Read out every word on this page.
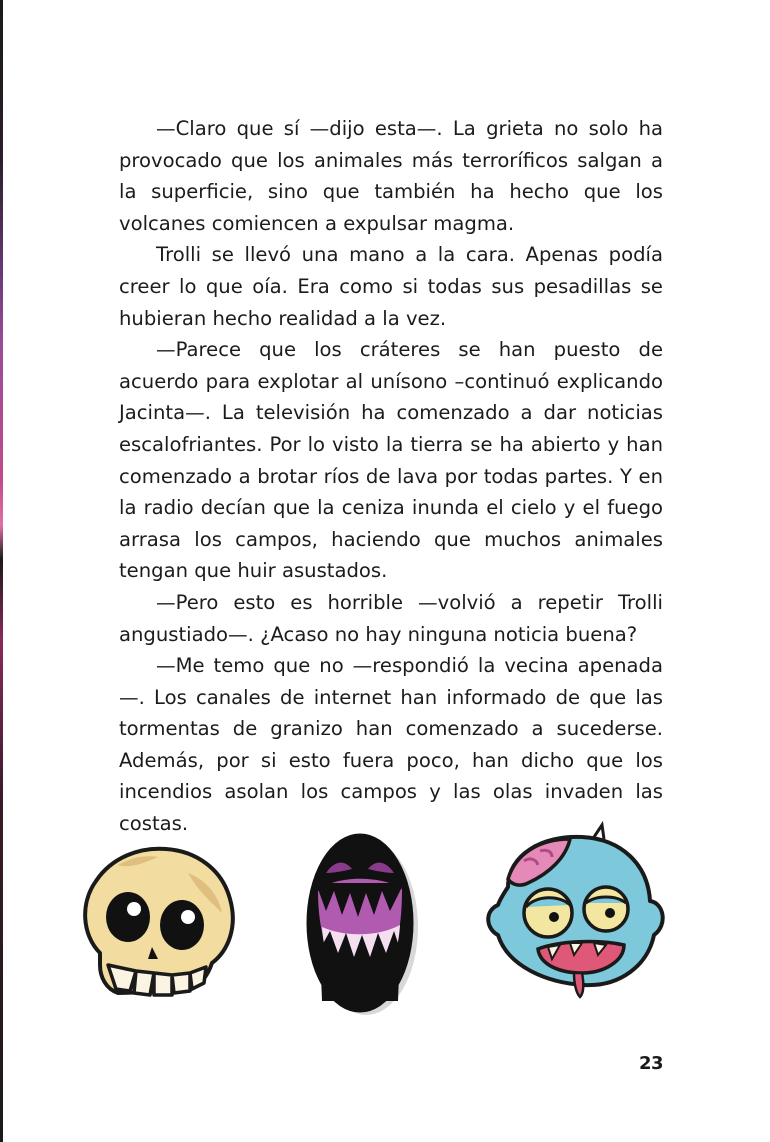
—Claro que sí —dijo esta—. La grieta no solo ha provocado que los animales más terroríficos salgan a la superficie, sino que también ha hecho que los volcanes comiencen a expulsar magma.

Trolli se llevó una mano a la cara. Apenas podía creer lo que oía. Era como si todas sus pesadillas se hubieran hecho realidad a la vez.

—Parece que los cráteres se han puesto de acuerdo para explotar al unísono –continuó explicando Jacinta—. La televisión ha comenzado a dar noticias escalofriantes. Por lo visto la tierra se ha abierto y han comenzado a brotar ríos de lava por todas partes. Y en la radio decían que la ceniza inunda el cielo y el fuego arrasa los campos, haciendo que muchos animales tengan que huir asustados.

—Pero esto es horrible —volvió a repetir Trolli angustiado—. ¿Acaso no hay ninguna noticia buena?

—Me temo que no —respondió la vecina apenada—. Los canales de internet han informado de que las tormentas de granizo han comenzado a sucederse. Además, por si esto fuera poco, han dicho que los incendios asolan los campos y las olas invaden las costas.

23
